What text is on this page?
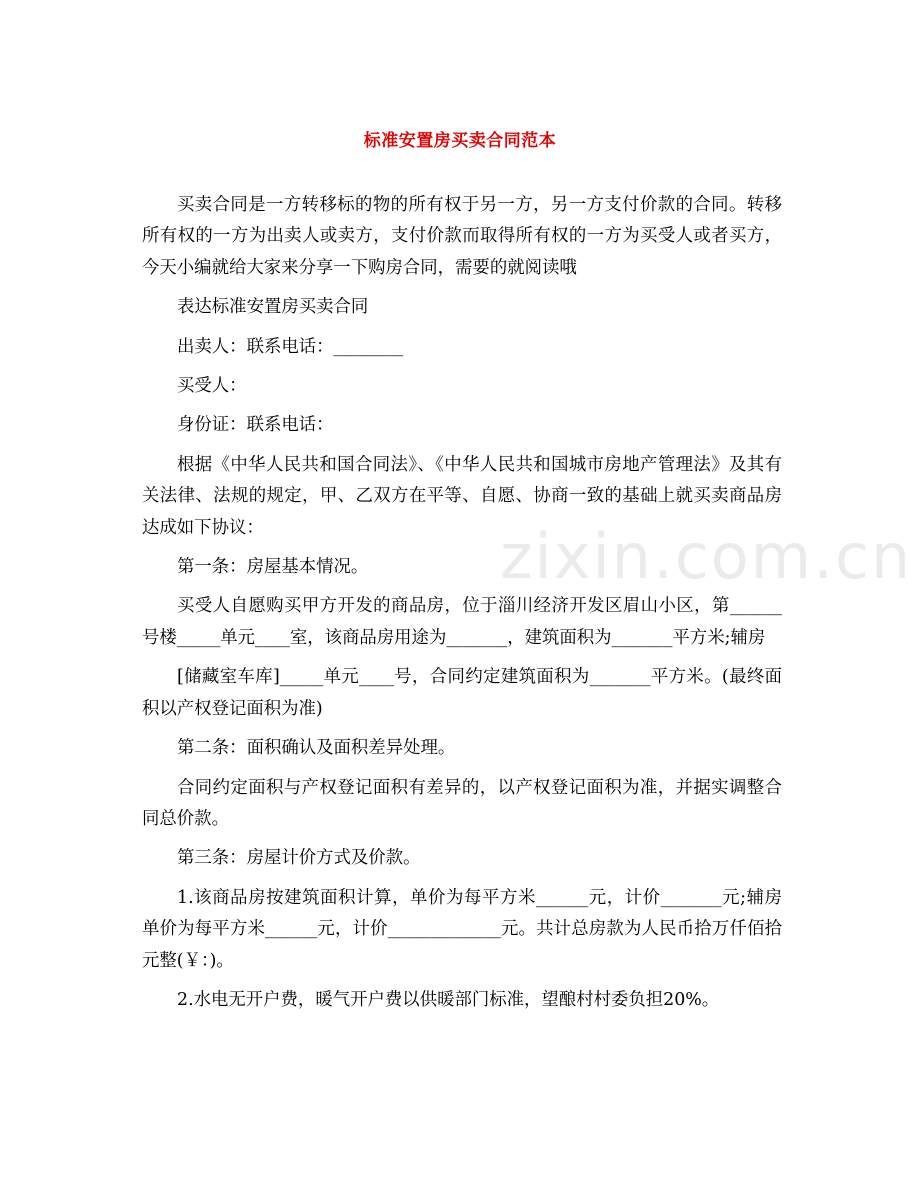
zixin.com.cn
标准安置房买卖合同范本

买卖合同是一方转移标的物的所有权于另一方，另一方支付价款的合同。转移所有权的一方为出卖人或卖方，支付价款而取得所有权的一方为买受人或者买方，今天小编就给大家来分享一下购房合同，需要的就阅读哦

表达标准安置房买卖合同

出卖人：联系电话：________

买受人：

身份证：联系电话：

根据《中华人民共和国合同法》、《中华人民共和国城市房地产管理法》及其有关法律、法规的规定，甲、乙双方在平等、自愿、协商一致的基础上就买卖商品房达成如下协议：

第一条：房屋基本情况。

买受人自愿购买甲方开发的商品房，位于淄川经济开发区眉山小区，第______号楼_____单元____室，该商品房用途为_______，建筑面积为_______平方米;辅房

[储藏室车库]_____单元____号，合同约定建筑面积为_______平方米。(最终面积以产权登记面积为准)

第二条：面积确认及面积差异处理。

合同约定面积与产权登记面积有差异的，以产权登记面积为准，并据实调整合同总价款。

第三条：房屋计价方式及价款。

1.该商品房按建筑面积计算，单价为每平方米______元，计价_______元;辅房单价为每平方米______元，计价_____________元。共计总房款为人民币拾万仟佰拾元整(￥：)。

2.水电无开户费，暖气开户费以供暖部门标准，望酿村村委负担20%。
